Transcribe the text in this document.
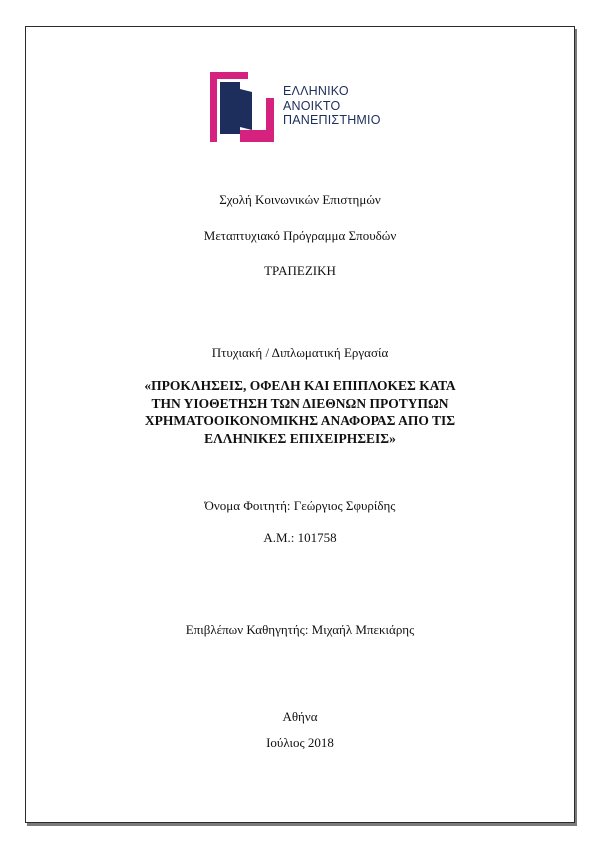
ΕΛΛΗΝΙΚΟ
ΑΝΟΙΚΤΟ
ΠΑΝΕΠΙΣΤΗΜΙΟ
Σχολή Κοινωνικών Επιστημών
Μεταπτυχιακό Πρόγραμμα Σπουδών
ΤΡΑΠΕΖΙΚΗ
Πτυχιακή / Διπλωματική Εργασία
«ΠΡΟΚΛΗΣΕΙΣ, ΟΦΕΛΗ ΚΑΙ ΕΠΙΠΛΟΚΕΣ ΚΑΤΑ
ΤΗΝ ΥΙΟΘΕΤΗΣΗ ΤΩΝ ΔΙΕΘΝΩΝ ΠΡΟΤΥΠΩΝ
ΧΡΗΜΑΤΟΟΙΚΟΝΟΜΙΚΗΣ ΑΝΑΦΟΡΑΣ ΑΠΟ ΤΙΣ
ΕΛΛΗΝΙΚΕΣ ΕΠΙΧΕΙΡΗΣΕΙΣ»
Όνομα Φοιτητή: Γεώργιος Σφυρίδης
Α.Μ.: 101758
Επιβλέπων Καθηγητής: Μιχαήλ Μπεκιάρης
Αθήνα
Ιούλιος 2018
